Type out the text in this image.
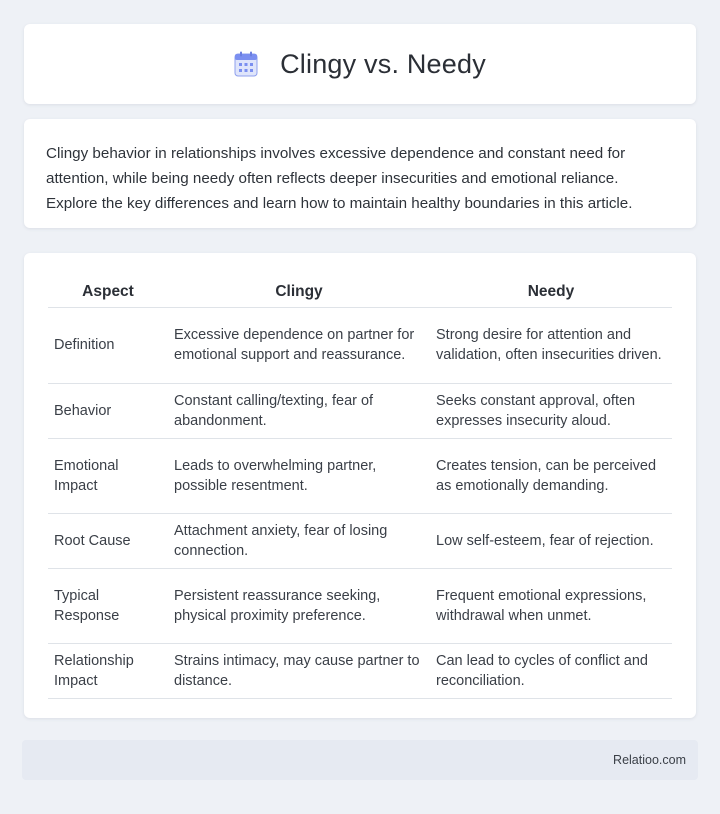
Clingy vs. Needy

Clingy behavior in relationships involves excessive dependence and constant need for attention, while being needy often reflects deeper insecurities and emotional reliance. Explore the key differences and learn how to maintain healthy boundaries in this article.

Aspect	Clingy	Needy
Definition	Excessive dependence on partner for emotional support and reassurance.	Strong desire for attention and validation, often insecurities driven.
Behavior	Constant calling/texting, fear of abandonment.	Seeks constant approval, often expresses insecurity aloud.
Emotional Impact	Leads to overwhelming partner, possible resentment.	Creates tension, can be perceived as emotionally demanding.
Root Cause	Attachment anxiety, fear of losing connection.	Low self-esteem, fear of rejection.
Typical Response	Persistent reassurance seeking, physical proximity preference.	Frequent emotional expressions, withdrawal when unmet.
Relationship Impact	Strains intimacy, may cause partner to distance.	Can lead to cycles of conflict and reconciliation.
Relatioo.com
